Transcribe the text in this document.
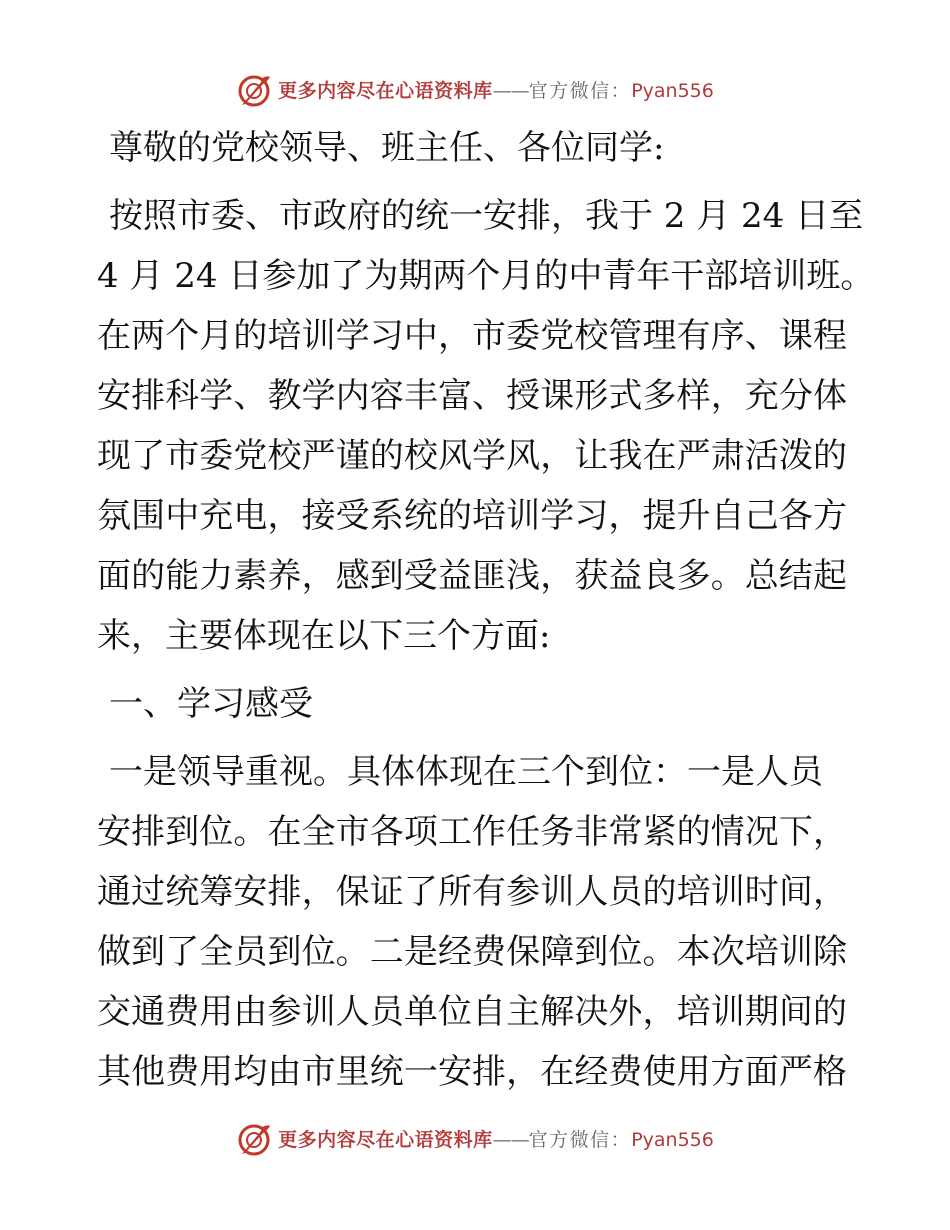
更多内容尽在心语资料库 —— 官方微信： Pyan556
尊敬的党校领导、班主任、各位同学:
按照市委、市政府的统一安排，我于 2 月 24 日至
4 月 24 日参加了为期两个月的中青年干部培训班。
在两个月的培训学习中，市委党校管理有序、课程
安排科学、教学内容丰富、授课形式多样，充分体
现了市委党校严谨的校风学风，让我在严肃活泼的
氛围中充电，接受系统的培训学习，提升自己各方
面的能力素养，感到受益匪浅，获益良多。总结起
来，主要体现在以下三个方面:
一、学习感受
一是领导重视。具体体现在三个到位：一是人员
安排到位。在全市各项工作任务非常紧的情况下，
通过统筹安排，保证了所有参训人员的培训时间，
做到了全员到位。二是经费保障到位。本次培训除
交通费用由参训人员单位自主解决外，培训期间的
其他费用均由市里统一安排，在经费使用方面严格
更多内容尽在心语资料库 —— 官方微信： Pyan556
